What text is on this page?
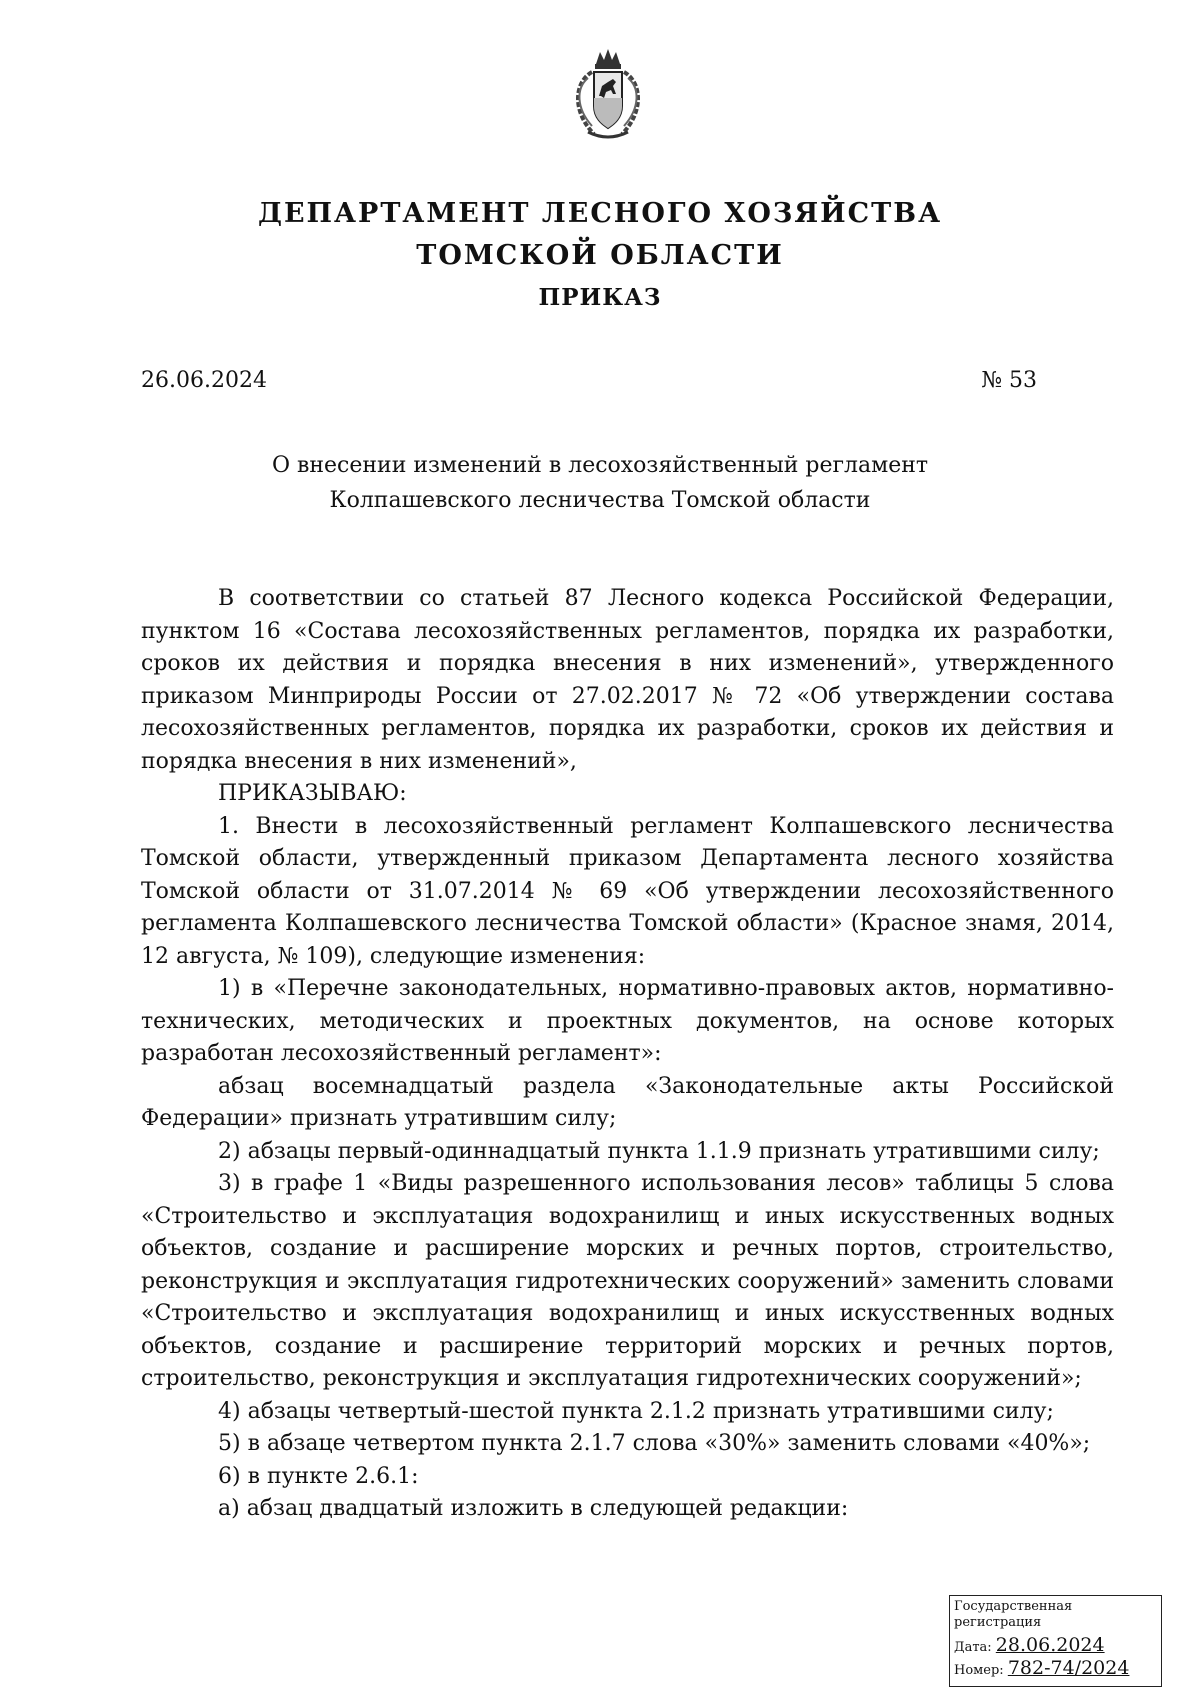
ДЕПАРТАМЕНТ ЛЕСНОГО ХОЗЯЙСТВА
ТОМСКОЙ ОБЛАСТИ
ПРИКАЗ
26.06.2024	№ 53
О внесении изменений в лесохозяйственный регламент
Колпашевского лесничества Томской области

В соответствии со статьей 87 Лесного кодекса Российской Федерации, пунктом 16 «Состава лесохозяйственных регламентов, порядка их разработки, сроков их действия и порядка внесения в них изменений», утвержденного приказом Минприроды России от 27.02.2017 № 72 «Об утверждении состава лесохозяйственных регламентов, порядка их разработки, сроков их действия и порядка внесения в них изменений»,

ПРИКАЗЫВАЮ:

1. Внести в лесохозяйственный регламент Колпашевского лесничества Томской области, утвержденный приказом Департамента лесного хозяйства Томской области от 31.07.2014 № 69 «Об утверждении лесохозяйственного регламента Колпашевского лесничества Томской области» (Красное знамя, 2014, 12 августа, № 109), следующие изменения:

1) в «Перечне законодательных, нормативно-правовых актов, нормативно-технических, методических и проектных документов, на основе которых разработан лесохозяйственный регламент»:

абзац восемнадцатый раздела «Законодательные акты Российской Федерации» признать утратившим силу;

2) абзацы первый-одиннадцатый пункта 1.1.9 признать утратившими силу;

3) в графе 1 «Виды разрешенного использования лесов» таблицы 5 слова «Строительство и эксплуатация водохранилищ и иных искусственных водных объектов, создание и расширение морских и речных портов, строительство, реконструкция и эксплуатация гидротехнических сооружений» заменить словами «Строительство и эксплуатация водохранилищ и иных искусственных водных объектов, создание и расширение территорий морских и речных портов, строительство, реконструкция и эксплуатация гидротехнических сооружений»;

4) абзацы четвертый-шестой пункта 2.1.2 признать утратившими силу;

5) в абзаце четвертом пункта 2.1.7 слова «30%» заменить словами «40%»;

6) в пункте 2.6.1:

а) абзац двадцатый изложить в следующей редакции:

Государственная регистрация
Дата: 28.06.2024
Номер: 782-74/2024
